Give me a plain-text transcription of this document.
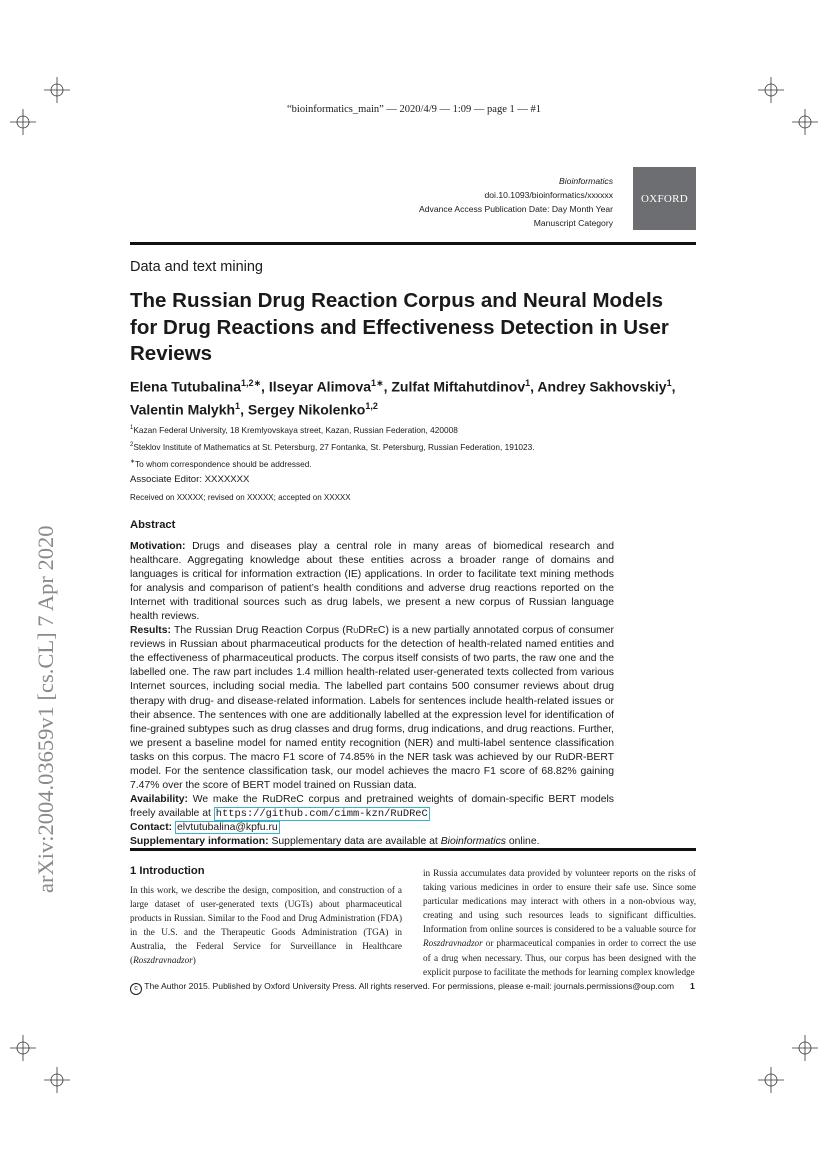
“bioinformatics_main” — 2020/4/9 — 1:09 — page 1 — #1
Bioinformatics
doi.10.1093/bioinformatics/xxxxxx
Advance Access Publication Date: Day Month Year
Manuscript Category
OXFORD
Data and text mining
The Russian Drug Reaction Corpus and Neural Models for Drug Reactions and Effectiveness Detection in User Reviews
Elena Tutubalina$^{1,2∗}$, Ilseyar Alimova$^{1∗}$, Zulfat Miftahutdinov$^1$, Andrey Sakhovskiy$^1$, Valentin Malykh$^1$, Sergey Nikolenko$^{1,2}$
$^1$Kazan Federal University, 18 Kremlyovskaya street, Kazan, Russian Federation, 420008
$^2$Steklov Institute of Mathematics at St. Petersburg, 27 Fontanka, St. Petersburg, Russian Federation, 191023.
∗To whom correspondence should be addressed.
Associate Editor: XXXXXXX
Received on XXXXX; revised on XXXXX; accepted on XXXXX
Abstract

Motivation: Drugs and diseases play a central role in many areas of biomedical research and healthcare. Aggregating knowledge about these entities across a broader range of domains and languages is critical for information extraction (IE) applications. In order to facilitate text mining methods for analysis and comparison of patient’s health conditions and adverse drug reactions reported on the Internet with traditional sources such as drug labels, we present a new corpus of Russian language health reviews.

Results: The Russian Drug Reaction Corpus (RuDReC) is a new partially annotated corpus of consumer reviews in Russian about pharmaceutical products for the detection of health-related named entities and the effectiveness of pharmaceutical products. The corpus itself consists of two parts, the raw one and the labelled one. The raw part includes 1.4 million health-related user-generated texts collected from various Internet sources, including social media. The labelled part contains 500 consumer reviews about drug therapy with drug- and disease-related information. Labels for sentences include health-related issues or their absence. The sentences with one are additionally labelled at the expression level for identification of fine-grained subtypes such as drug classes and drug forms, drug indications, and drug reactions. Further, we present a baseline model for named entity recognition (NER) and multi-label sentence classification tasks on this corpus. The macro F1 score of 74.85% in the NER task was achieved by our RuDR-BERT model. For the sentence classification task, our model achieves the macro F1 score of 68.82% gaining 7.47% over the score of BERT model trained on Russian data.

Availability: We make the RuDReC corpus and pretrained weights of domain-specific BERT models freely available at https://github.com/cimm-kzn/RuDReC

Contact: elvtutubalina@kpfu.ru

Supplementary information: Supplementary data are available at Bioinformatics online.

1 Introduction

In this work, we describe the design, composition, and construction of a large dataset of user-generated texts (UGTs) about pharmaceutical products in Russian. Similar to the Food and Drug Administration (FDA) in the U.S. and the Therapeutic Goods Administration (TGA) in Australia, the Federal Service for Surveillance in Healthcare (Roszdravnadzor)

in Russia accumulates data provided by volunteer reports on the risks of taking various medicines in order to ensure their safe use. Since some particular medications may interact with others in a non-obvious way, creating and using such resources leads to significant difficulties. Information from online sources is considered to be a valuable source for Roszdravnadzor or pharmaceutical companies in order to correct the use of a drug when necessary. Thus, our corpus has been designed with the explicit purpose to facilitate the methods for learning complex knowledge

c The Author 2015. Published by Oxford University Press. All rights reserved. For permissions, please e-mail: journals.permissions@oup.com 1
arXiv:2004.03659v1 [cs.CL] 7 Apr 2020
